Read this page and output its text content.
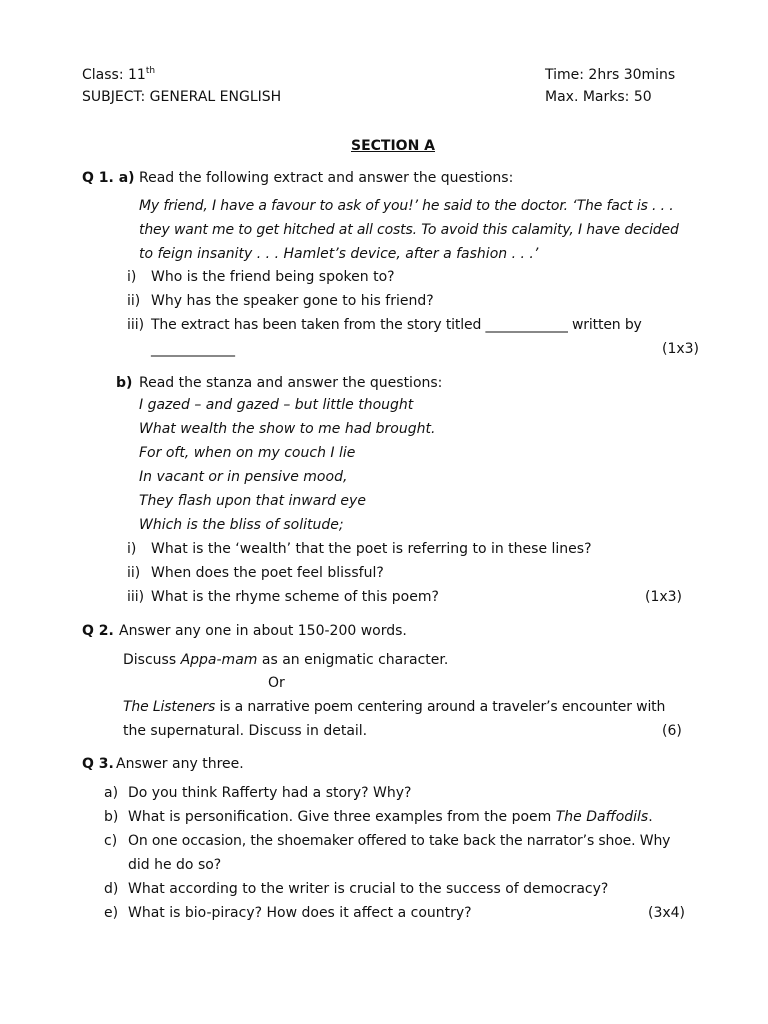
Class: 11th
SUBJECT: GENERAL ENGLISH
Time: 2hrs 30mins
Max. Marks: 50
SECTION A
Q 1. a) Read the following extract and answer the questions:
My friend, I have a favour to ask of you!’ he said to the doctor. ‘The fact is . . .
they want me to get hitched at all costs. To avoid this calamity, I have decided
to feign insanity . . . Hamlet’s device, after a fashion . . .’
i) Who is the friend being spoken to?
ii) Why has the speaker gone to his friend?
iii) The extract has been taken from the story titled ____________ written by
____________	(1x3)
b) Read the stanza and answer the questions:
I gazed – and gazed – but little thought
What wealth the show to me had brought.
For oft, when on my couch I lie
In vacant or in pensive mood,
They flash upon that inward eye
Which is the bliss of solitude;
i) What is the ‘wealth’ that the poet is referring to in these lines?
ii) When does the poet feel blissful?
iii) What is the rhyme scheme of this poem?	(1x3)
Q 2. Answer any one in about 150-200 words.
Discuss Appa-mam as an enigmatic character.
Or
The Listeners is a narrative poem centering around a traveler’s encounter with
the supernatural. Discuss in detail.	(6)
Q 3. Answer any three.
a) Do you think Rafferty had a story? Why?
b) What is personification. Give three examples from the poem The Daffodils.
c) On one occasion, the shoemaker offered to take back the narrator’s shoe. Why
did he do so?
d) What according to the writer is crucial to the success of democracy?
e) What is bio-piracy? How does it affect a country?	(3x4)
